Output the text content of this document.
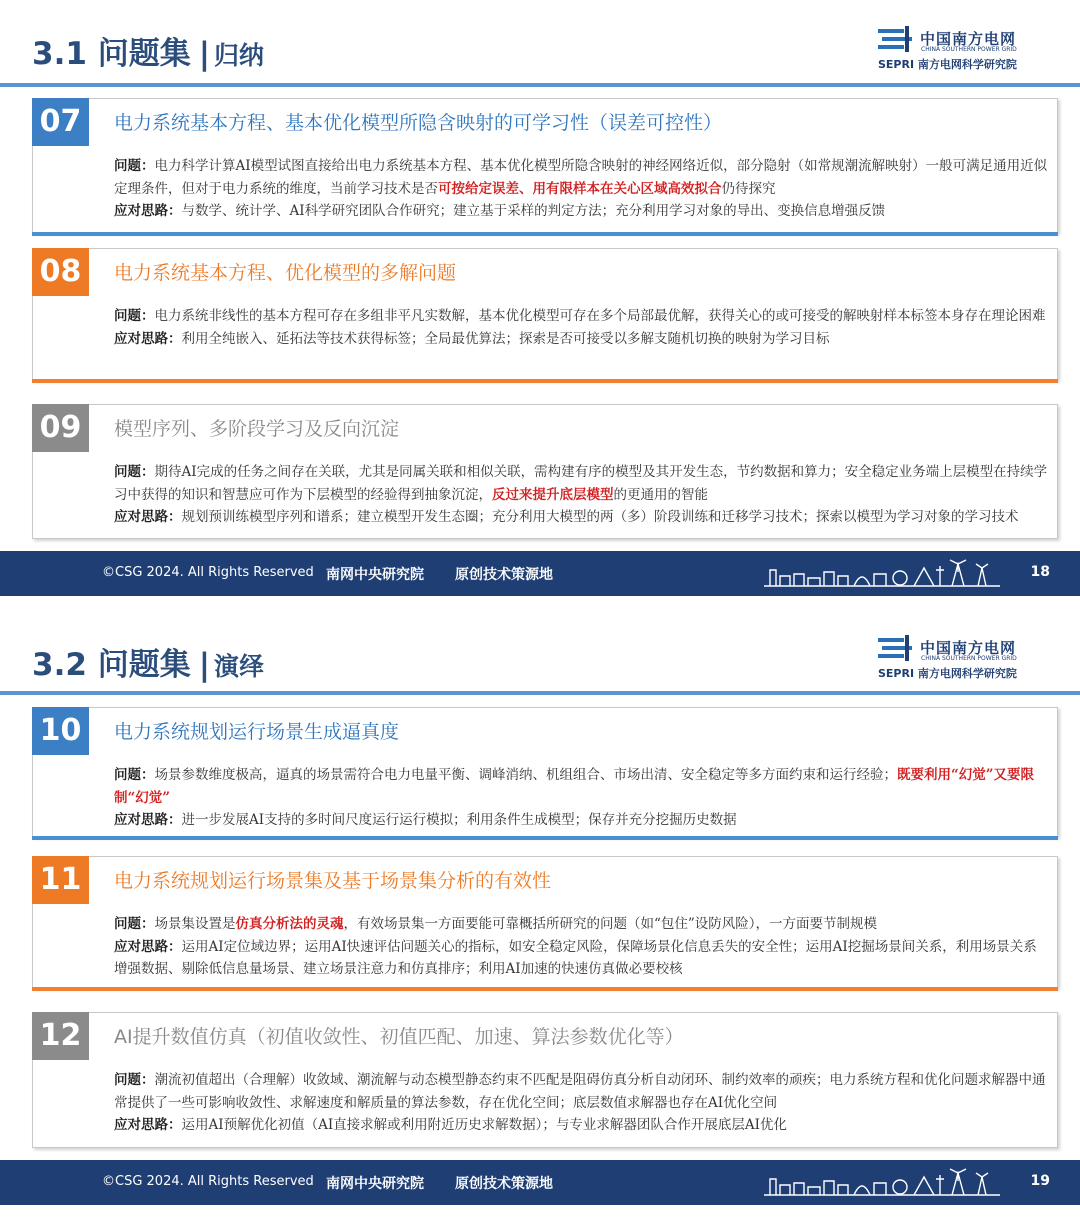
3.1 问题集 | 归纳
中国南方电网
CHINA SOUTHERN POWER GRID
SEPRI 南方电网科学研究院
07	电力系统基本方程、基本优化模型所隐含映射的可学习性（误差可控性）

问题：电力科学计算AI模型试图直接给出电力系统基本方程、基本优化模型所隐含映射的神经网络近似，部分隐射（如常规潮流解映射）一般可满足通用近似定理条件，但对于电力系统的维度，当前学习技术是否可按给定误差、用有限样本在关心区域高效拟合仍待探究

应对思路：与数学、统计学、AI科学研究团队合作研究；建立基于采样的判定方法；充分利用学习对象的导出、变换信息增强反馈

08	电力系统基本方程、优化模型的多解问题

问题：电力系统非线性的基本方程可存在多组非平凡实数解，基本优化模型可存在多个局部最优解，获得关心的或可接受的解映射样本标签本身存在理论困难

应对思路：利用全纯嵌入、延拓法等技术获得标签；全局最优算法；探索是否可接受以多解支随机切换的映射为学习目标

09	模型序列、多阶段学习及反向沉淀

问题：期待AI完成的任务之间存在关联，尤其是同属关联和相似关联，需构建有序的模型及其开发生态，节约数据和算力；安全稳定业务端上层模型在持续学习中获得的知识和智慧应可作为下层模型的经验得到抽象沉淀，反过来提升底层模型的更通用的智能

应对思路：规划预训练模型序列和谱系；建立模型开发生态圈；充分利用大模型的两（多）阶段训练和迁移学习技术；探索以模型为学习对象的学习技术

©CSG 2024. All Rights Reserved 南网中央研究院 原创技术策源地	18
3.2 问题集 | 演绎
中国南方电网
CHINA SOUTHERN POWER GRID
SEPRI 南方电网科学研究院
10	电力系统规划运行场景生成逼真度

问题：场景参数维度极高，逼真的场景需符合电力电量平衡、调峰消纳、机组组合、市场出清、安全稳定等多方面约束和运行经验；既要利用“幻觉”又要限制“幻觉”

应对思路：进一步发展AI支持的多时间尺度运行运行模拟；利用条件生成模型；保存并充分挖掘历史数据

11	电力系统规划运行场景集及基于场景集分析的有效性

问题：场景集设置是仿真分析法的灵魂，有效场景集一方面要能可靠概括所研究的问题（如“包住”设防风险），一方面要节制规模

应对思路：运用AI定位域边界；运用AI快速评估问题关心的指标，如安全稳定风险，保障场景化信息丢失的安全性；运用AI挖掘场景间关系，利用场景关系增强数据、剔除低信息量场景、建立场景注意力和仿真排序；利用AI加速的快速仿真做必要校核

12	AI提升数值仿真（初值收敛性、初值匹配、加速、算法参数优化等）

问题：潮流初值超出（合理解）收敛域、潮流解与动态模型静态约束不匹配是阻碍仿真分析自动闭环、制约效率的顽疾；电力系统方程和优化问题求解器中通常提供了一些可影响收敛性、求解速度和解质量的算法参数，存在优化空间；底层数值求解器也存在AI优化空间

应对思路：运用AI预解优化初值（AI直接求解或利用附近历史求解数据）；与专业求解器团队合作开展底层AI优化

©CSG 2024. All Rights Reserved 南网中央研究院 原创技术策源地	19
